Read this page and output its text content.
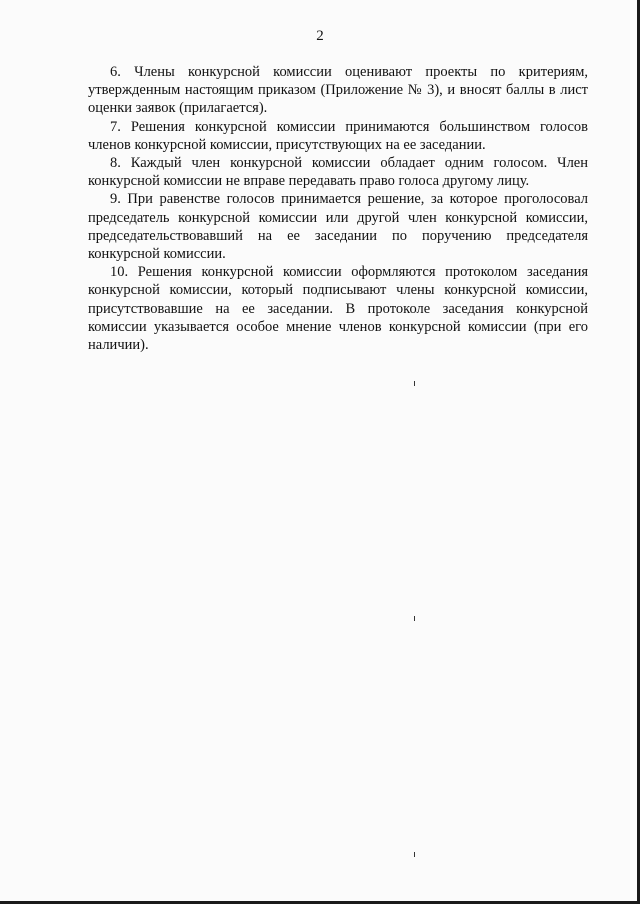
2

6. Члены конкурсной комиссии оценивают проекты по критериям, утвержденным настоящим приказом (Приложение № 3), и вносят баллы в лист оценки заявок (прилагается).

7. Решения конкурсной комиссии принимаются большинством голосов членов конкурсной комиссии, присутствующих на ее заседании.

8. Каждый член конкурсной комиссии обладает одним голосом. Член конкурсной комиссии не вправе передавать право голоса другому лицу.

9. При равенстве голосов принимается решение, за которое проголосовал председатель конкурсной комиссии или другой член конкурсной комиссии, председательствовавший на ее заседании по поручению председателя конкурсной комиссии.

10. Решения конкурсной комиссии оформляются протоколом заседания конкурсной комиссии, который подписывают члены конкурсной комиссии, присутствовавшие на ее заседании. В протоколе заседания конкурсной комиссии указывается особое мнение членов конкурсной комиссии (при его наличии).
